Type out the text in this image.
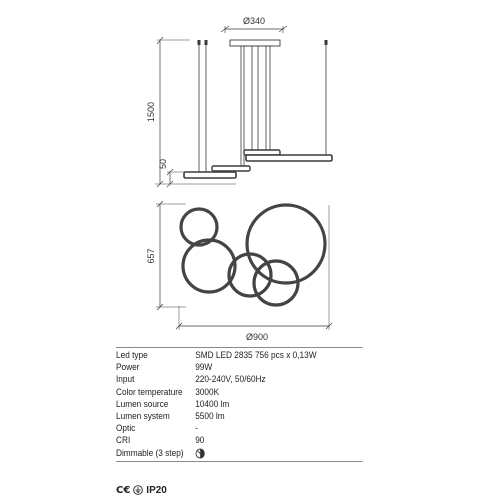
Ø340
1500
50
657
Ø900
Led type	SMD LED 2835 756 pcs x 0,13W
Power	99W
Input	220-240V, 50/60Hz
Color temperature	3000K
Lumen source	10400 lm
Lumen system	5500 lm
Optic	-
CRI	90
Dimmable (3 step)	
C€ IP20
